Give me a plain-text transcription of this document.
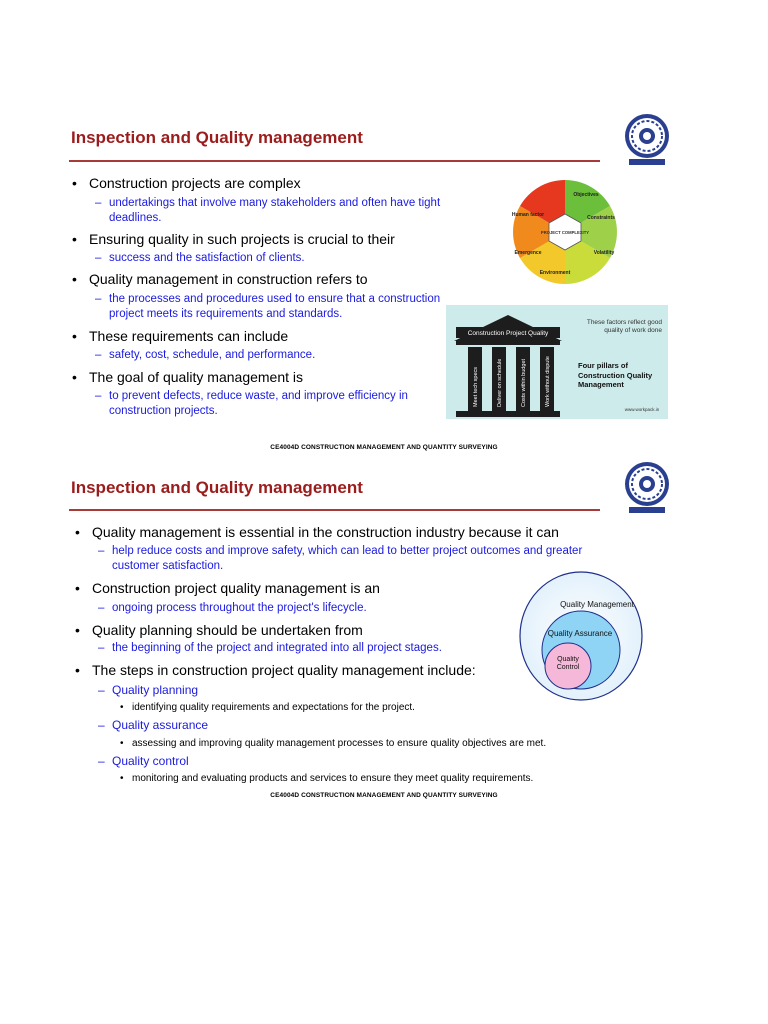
Inspection and Quality management
• Construction projects are complex
– undertakings that involve many stakeholders and often have tight deadlines.
• Ensuring quality in such projects is crucial to their
– success and the satisfaction of clients.
• Quality management in construction refers to
– the processes and procedures used to ensure that a construction project meets its requirements and standards.
• These requirements can include
– safety, cost, schedule, and performance.
• The goal of quality management is
– to prevent defects, reduce waste, and improve efficiency in construction projects.
PROJECT COMPLEXITY
Objectives
Constraints
Volatility
Environment
Emergence
Human factor
Construction Project Quality
Meet tech specs	Deliver on schedule	Costs within budget	Work without dispute
These factors reflect good quality of work done
Four pillars of Construction Quality Management
www.workpack.in
CE4004D CONSTRUCTION MANAGEMENT AND QUANTITY SURVEYING
Inspection and Quality management
• Quality management is essential in the construction industry because it can
– help reduce costs and improve safety, which can lead to better project outcomes and greater customer satisfaction.
• Construction project quality management is an
– ongoing process throughout the project's lifecycle.
• Quality planning should be undertaken from
– the beginning of the project and integrated into all project stages.
• The steps in construction project quality management include:
– Quality planning
• identifying quality requirements and expectations for the project.
– Quality assurance
• assessing and improving quality management processes to ensure quality objectives are met.
– Quality control
• monitoring and evaluating products and services to ensure they meet quality requirements.
Quality Management
Quality Assurance
Quality Control
CE4004D CONSTRUCTION MANAGEMENT AND QUANTITY SURVEYING
